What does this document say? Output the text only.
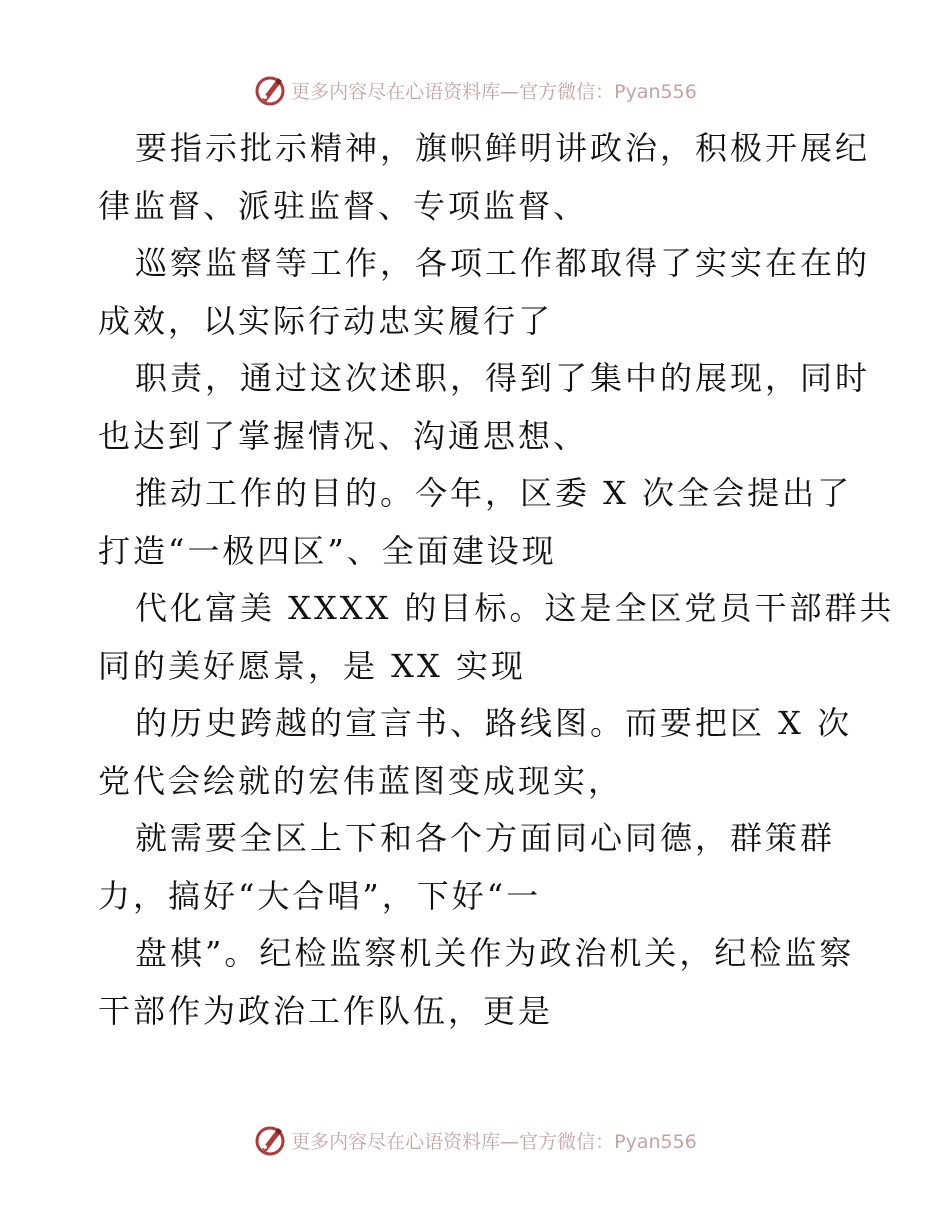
更多内容尽在心语资料库—官方微信：Pyan556
要指示批示精神，旗帜鲜明讲政治，积极开展纪
律监督、派驻监督、专项监督、
巡察监督等工作，各项工作都取得了实实在在的
成效，以实际行动忠实履行了
职责，通过这次述职，得到了集中的展现，同时
也达到了掌握情况、沟通思想、
推动工作的目的。今年，区委 X 次全会提出了
打造“一极四区”、全面建设现
代化富美 XXXX 的目标。这是全区党员干部群共
同的美好愿景，是 XX 实现
的历史跨越的宣言书、路线图。而要把区 X 次
党代会绘就的宏伟蓝图变成现实，
就需要全区上下和各个方面同心同德，群策群
力，搞好“大合唱”，下好“一
盘棋”。纪检监察机关作为政治机关，纪检监察
干部作为政治工作队伍，更是
更多内容尽在心语资料库—官方微信：Pyan556
